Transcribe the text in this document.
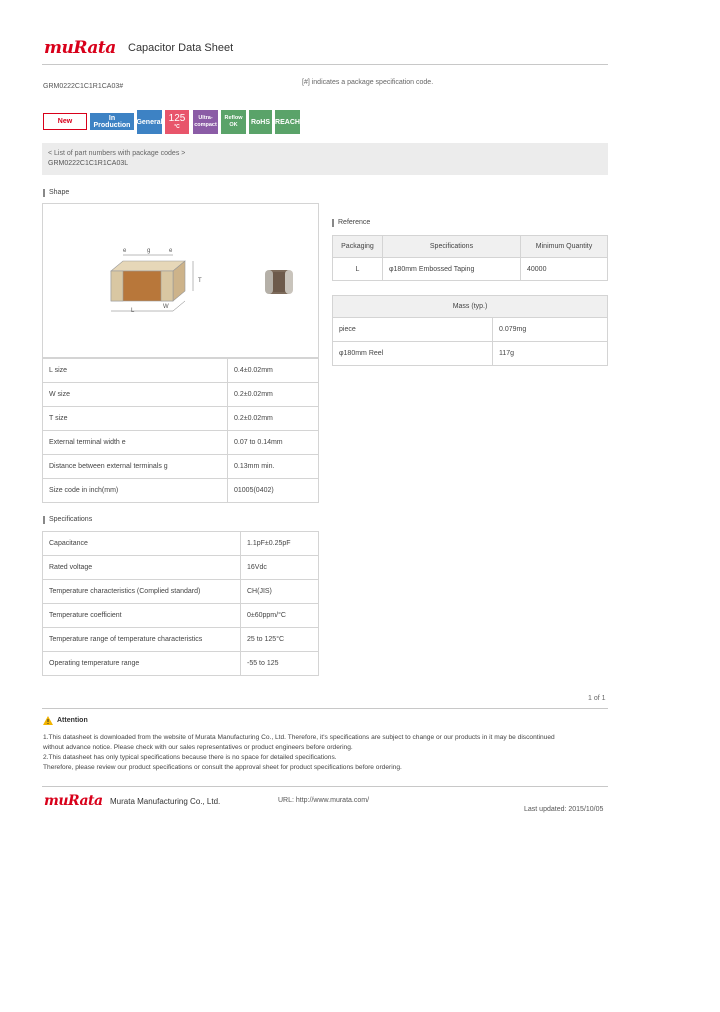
muRata Capacitor Data Sheet
GRM0222C1C1R1CA03#
[#] indicates a package specification code.
New	In Production General 125
°C
Ultra-compact
Reflow OK	RoHS REACH
< List of part numbers with package codes >
GRM0222C1C1R1CA03L
Shape
e	g	e
T
L
W
L size	0.4±0.02mm
W size	0.2±0.02mm
T size	0.2±0.02mm
External terminal width e	0.07 to 0.14mm
Distance between external terminals g	0.13mm min.
Size code in inch(mm)	01005(0402)
Reference
Packaging	Specifications	Minimum Quantity
L	φ180mm Embossed Taping	40000
Mass (typ.)	
piece	0.079mg
φ180mm Reel	117g
Specifications
Capacitance	1.1pF±0.25pF
Rated voltage	16Vdc
Temperature characteristics (Complied standard)	CH(JIS)
Temperature coefficient	0±60ppm/°C
Temperature range of temperature characteristics	25 to 125°C
Operating temperature range	-55 to 125
1 of 1
Attention
1.This datasheet is downloaded from the website of Murata Manufacturing Co., Ltd. Therefore, it's specifications are subject to change or our products in it may be discontinued
without advance notice. Please check with our sales representatives or product engineers before ordering.
2.This datasheet has only typical specifications because there is no space for detailed specifications.
Therefore, please review our product specifications or consult the approval sheet for product specifications before ordering.
muRata Murata Manufacturing Co., Ltd.	URL: http://www.murata.com/
Last updated: 2015/10/05
